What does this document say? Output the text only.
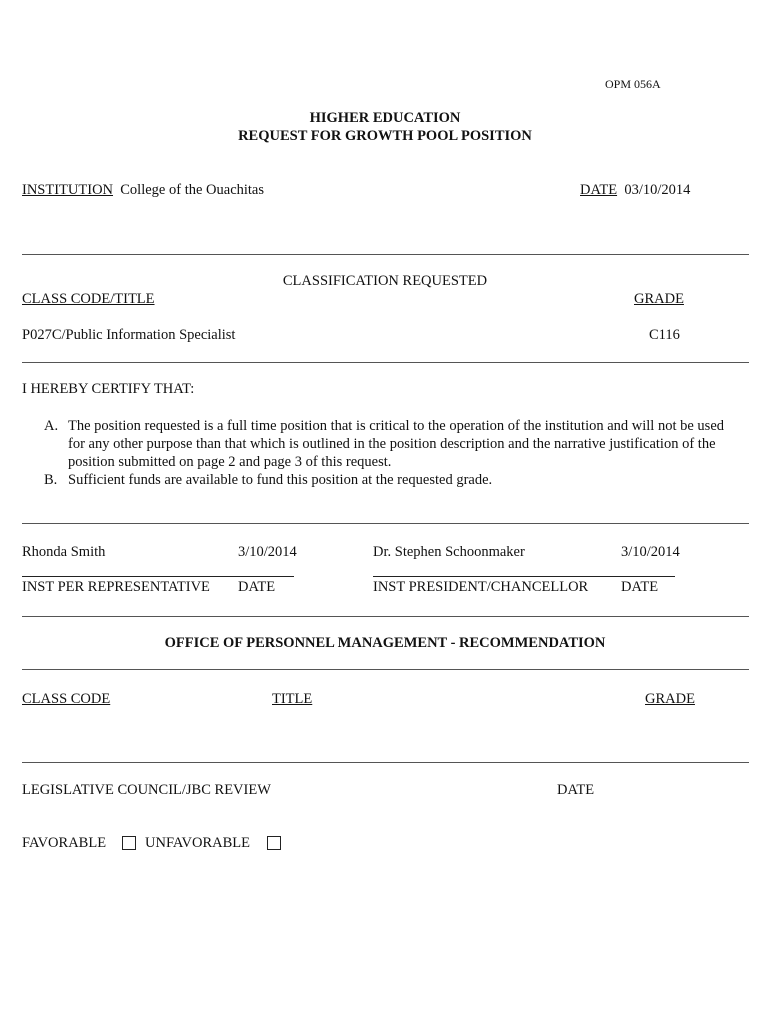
OPM 056A
HIGHER EDUCATION
REQUEST FOR GROWTH POOL POSITION
INSTITUTION College of the Ouachitas	DATE 03/10/2014
CLASSIFICATION REQUESTED
CLASS CODE/TITLE	GRADE
P027C/Public Information Specialist	C116
I HEREBY CERTIFY THAT:
A. The position requested is a full time position that is critical to the operation of the institution and will not be used for any other purpose than that which is outlined in the position description and the narrative justification of the position submitted on page 2 and page 3 of this request.
B. Sufficient funds are available to fund this position at the requested grade.
Rhonda Smith	3/10/2014	Dr. Stephen Schoonmaker	3/10/2014
INST PER REPRESENTATIVE DATE	INST PRESIDENT/CHANCELLOR DATE
OFFICE OF PERSONNEL MANAGEMENT - RECOMMENDATION
CLASS CODE	TITLE	GRADE
LEGISLATIVE COUNCIL/JBC REVIEW	DATE
FAVORABLE	UNFAVORABLE
